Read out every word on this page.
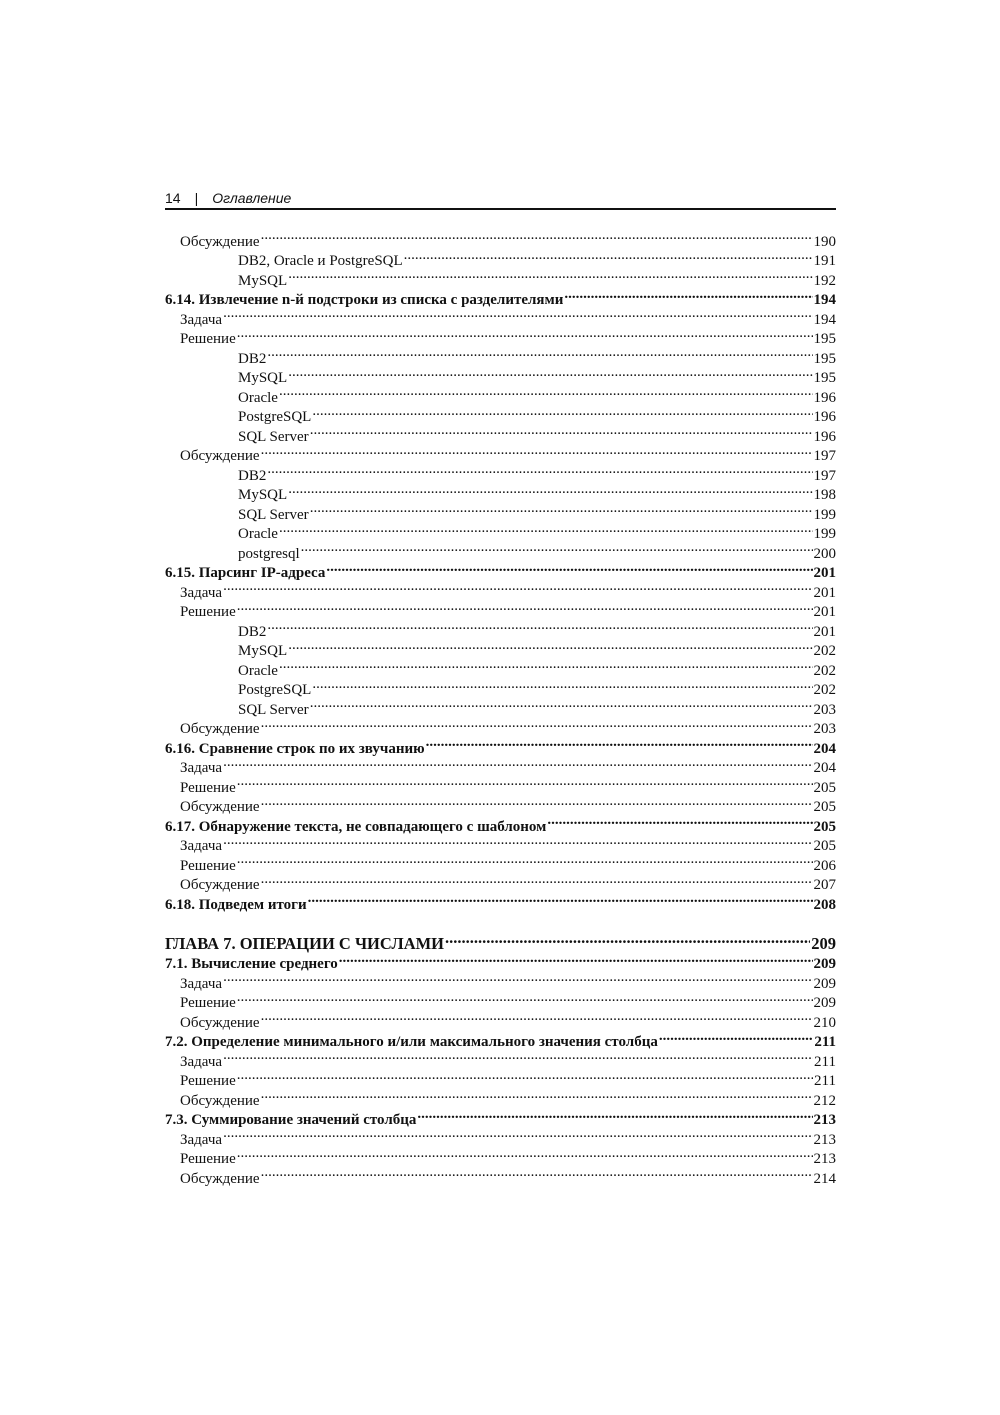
14 | Оглавление
Обсуждение .....	190
DB2, Oracle и PostgreSQL .....	191
MySQL .....	192
6.14. Извлечение n-й подстроки из списка с разделителями .....	194
Задача .....	194
Решение .....	195
DB2 .....	195
MySQL .....	195
Oracle .....	196
PostgreSQL .....	196
SQL Server .....	196
Обсуждение .....	197
DB2 .....	197
MySQL .....	198
SQL Server .....	199
Oracle .....	199
postgresql .....	200
6.15. Парсинг IP-адреса .....	201
Задача .....	201
Решение .....	201
DB2 .....	201
MySQL .....	202
Oracle .....	202
PostgreSQL .....	202
SQL Server .....	203
Обсуждение .....	203
6.16. Сравнение строк по их звучанию .....	204
Задача .....	204
Решение .....	205
Обсуждение .....	205
6.17. Обнаружение текста, не совпадающего с шаблоном .....	205
Задача .....	205
Решение .....	206
Обсуждение .....	207
6.18. Подведем итоги .....	208
ГЛАВА 7. ОПЕРАЦИИ С ЧИСЛАМИ .....	209
7.1. Вычисление среднего .....	209
Задача .....	209
Решение .....	209
Обсуждение .....	210
7.2. Определение минимального и/или максимального значения столбца .....	211
Задача .....	211
Решение .....	211
Обсуждение .....	212
7.3. Суммирование значений столбца .....	213
Задача .....	213
Решение .....	213
Обсуждение .....	214
